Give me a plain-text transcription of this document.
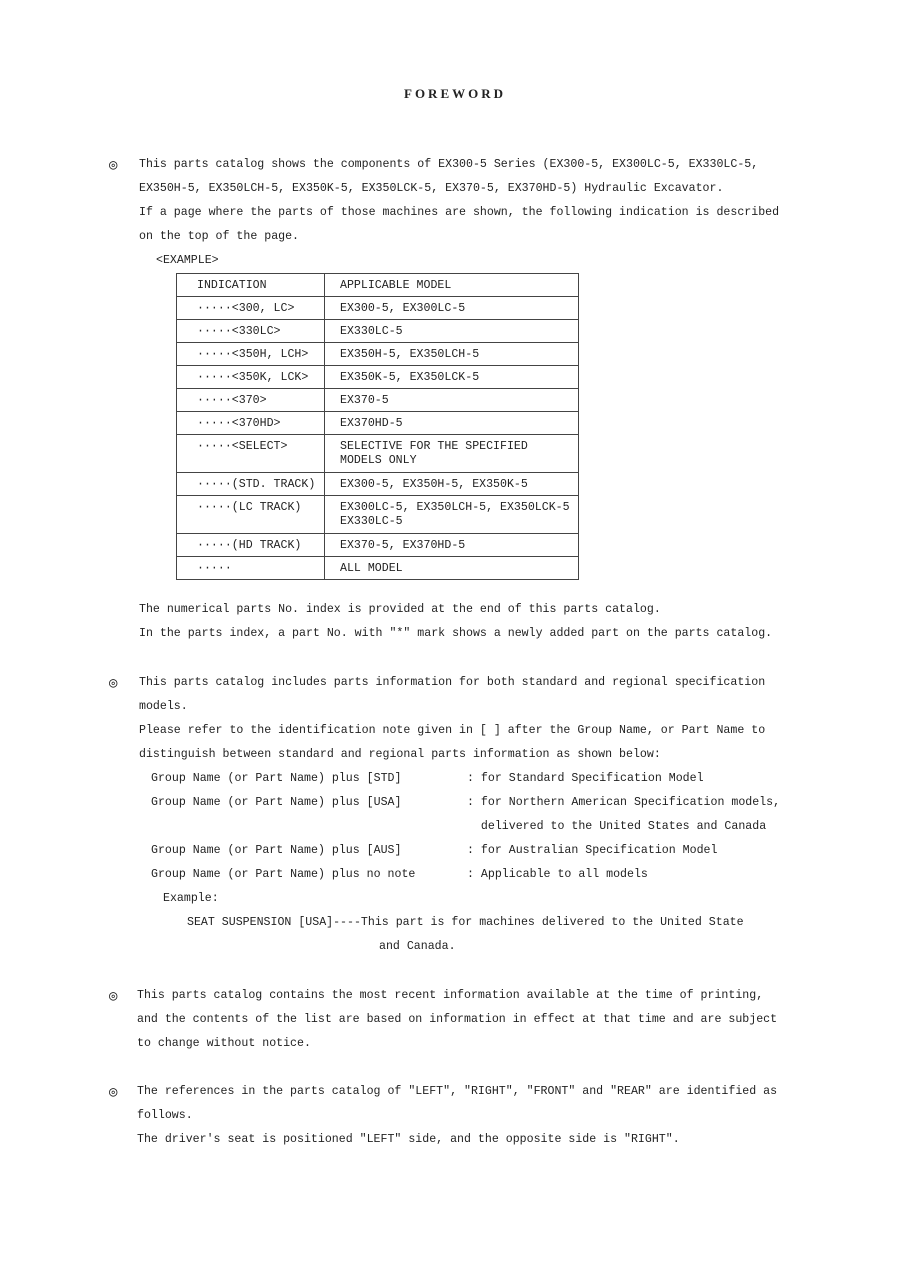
FOREWORD
◎ This parts catalog shows the components of EX300-5 Series (EX300-5, EX300LC-5, EX330LC-5,
EX350H-5, EX350LCH-5, EX350K-5, EX350LCK-5, EX370-5, EX370HD-5) Hydraulic Excavator.
If a page where the parts of those machines are shown, the following indication is described
on the top of the page.
<EXAMPLE>
INDICATION	APPLICABLE MODEL
·····<300, LC>	EX300-5, EX300LC-5
·····<330LC>	EX330LC-5
·····<350H, LCH>	EX350H-5, EX350LCH-5
·····<350K, LCK>	EX350K-5, EX350LCK-5
·····<370>	EX370-5
·····<370HD>	EX370HD-5
·····<SELECT>	SELECTIVE FOR THE SPECIFIED
MODELS ONLY
·····(STD. TRACK)	EX300-5, EX350H-5, EX350K-5
·····(LC TRACK)	EX300LC-5, EX350LCH-5, EX350LCK-5
EX330LC-5
·····(HD TRACK)	EX370-5, EX370HD-5
·····	ALL MODEL
The numerical parts No. index is provided at the end of this parts catalog.
In the parts index, a part No. with "*" mark shows a newly added part on the parts catalog.
◎ This parts catalog includes parts information for both standard and regional specification
models.
Please refer to the identification note given in [ ] after the Group Name, or Part Name to
distinguish between standard and regional parts information as shown below:
Group Name (or Part Name) plus [STD]	: for Standard Specification Model
Group Name (or Part Name) plus [USA]	: for Northern American Specification models,
delivered to the United States and Canada
Group Name (or Part Name) plus [AUS]	: for Australian Specification Model
Group Name (or Part Name) plus no note	: Applicable to all models
Example:
SEAT SUSPENSION [USA]----This part is for machines delivered to the United State
and Canada.
◎ This parts catalog contains the most recent information available at the time of printing,
and the contents of the list are based on information in effect at that time and are subject
to change without notice.
◎ The references in the parts catalog of "LEFT", "RIGHT", "FRONT" and "REAR" are identified as
follows.
The driver's seat is positioned "LEFT" side, and the opposite side is "RIGHT".
